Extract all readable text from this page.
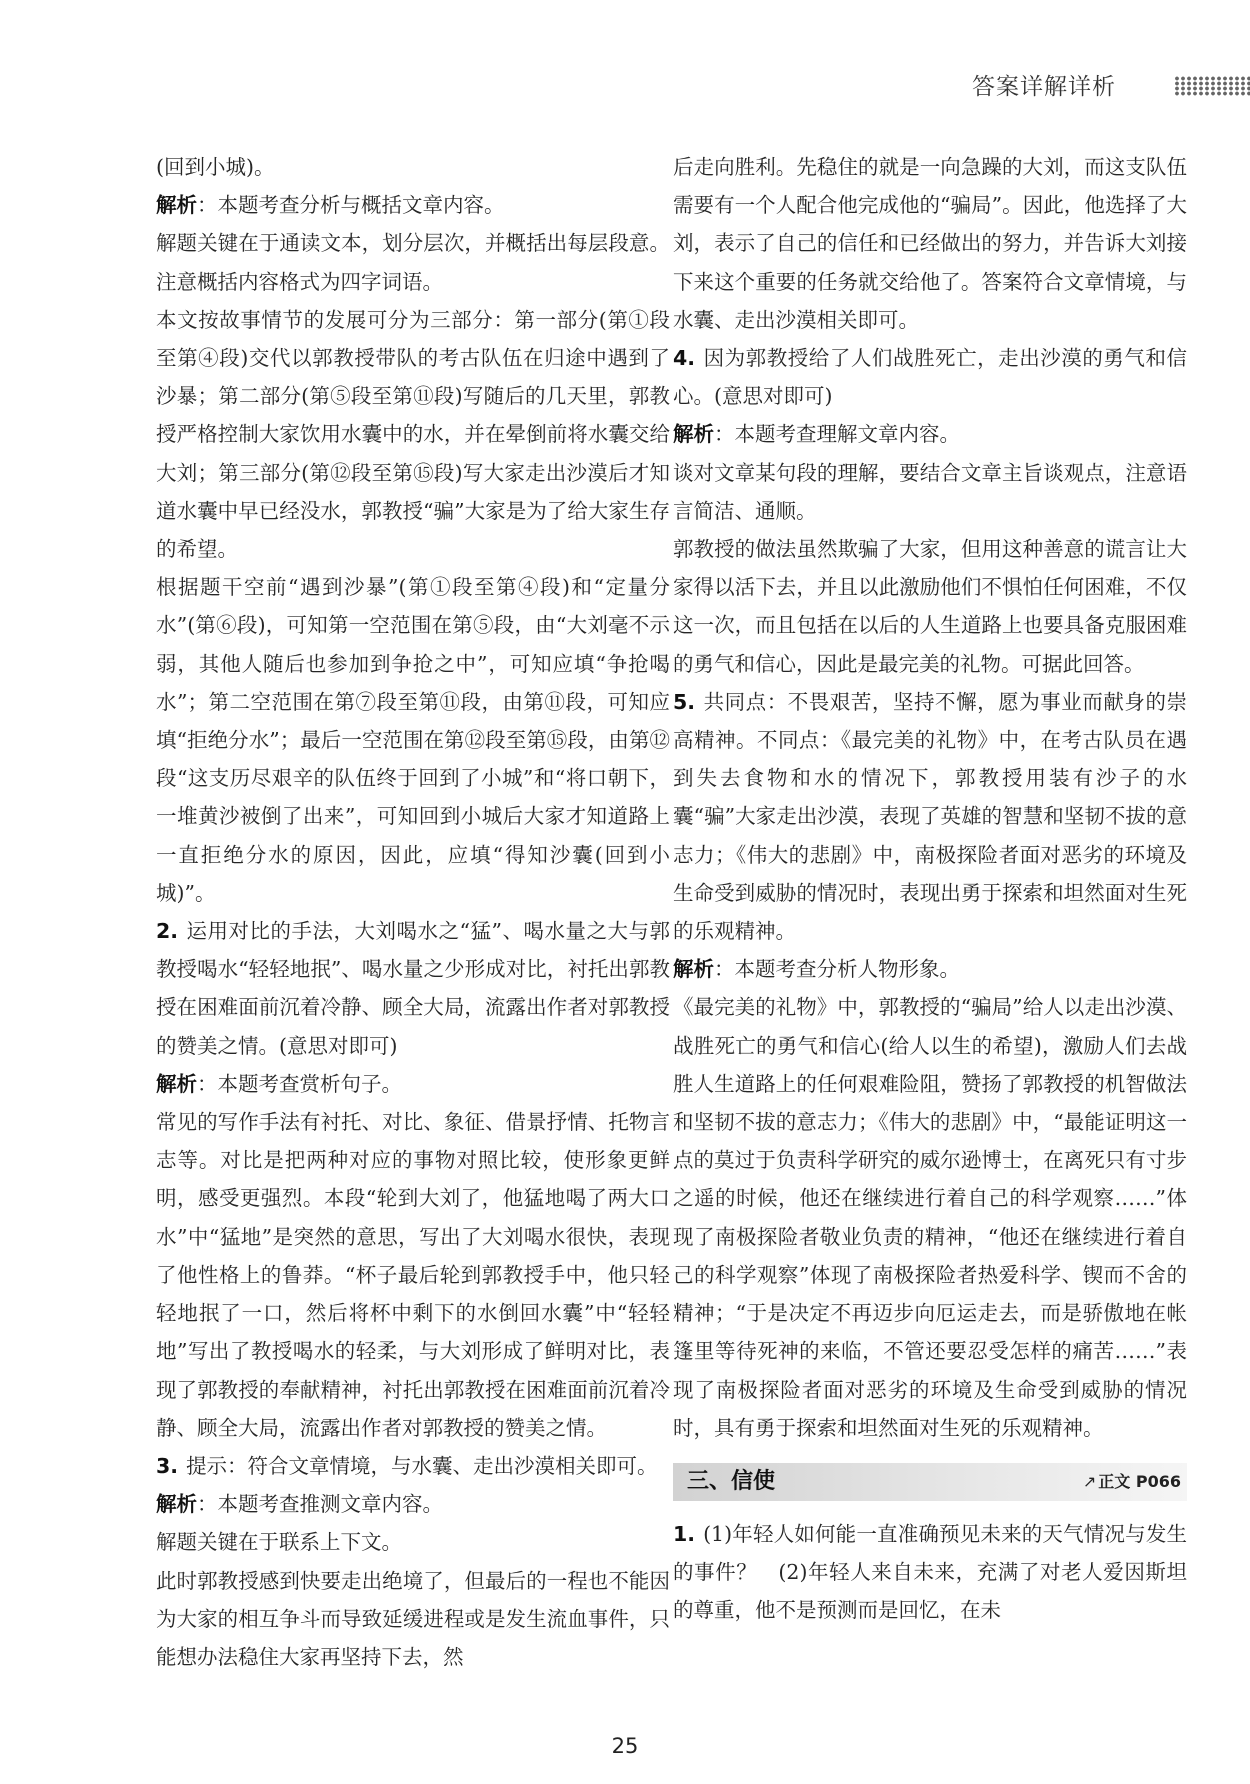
答案详解详析

(回到小城)。

解析：本题考查分析与概括文章内容。

解题关键在于通读文本，划分层次，并概括出每层段意。注意概括内容格式为四字词语。

本文按故事情节的发展可分为三部分：第一部分(第①段至第④段)交代以郭教授带队的考古队伍在归途中遇到了沙暴；第二部分(第⑤段至第⑪段)写随后的几天里，郭教授严格控制大家饮用水囊中的水，并在晕倒前将水囊交给大刘；第三部分(第⑫段至第⑮段)写大家走出沙漠后才知道水囊中早已经没水，郭教授“骗”大家是为了给大家生存的希望。

根据题干空前“遇到沙暴”(第①段至第④段)和“定量分水”(第⑥段)，可知第一空范围在第⑤段，由“大刘毫不示弱，其他人随后也参加到争抢之中”，可知应填“争抢喝水”；第二空范围在第⑦段至第⑪段，由第⑪段，可知应填“拒绝分水”；最后一空范围在第⑫段至第⑮段，由第⑫段“这支历尽艰辛的队伍终于回到了小城”和“将口朝下，一堆黄沙被倒了出来”，可知回到小城后大家才知道路上一直拒绝分水的原因，因此，应填“得知沙囊(回到小城)”。

2. 运用对比的手法，大刘喝水之“猛”、喝水量之大与郭教授喝水“轻轻地抿”、喝水量之少形成对比，衬托出郭教授在困难面前沉着冷静、顾全大局，流露出作者对郭教授的赞美之情。(意思对即可)

解析：本题考查赏析句子。

常见的写作手法有衬托、对比、象征、借景抒情、托物言志等。对比是把两种对应的事物对照比较，使形象更鲜明，感受更强烈。本段“轮到大刘了，他猛地喝了两大口水”中“猛地”是突然的意思，写出了大刘喝水很快，表现了他性格上的鲁莽。“杯子最后轮到郭教授手中，他只轻轻地抿了一口，然后将杯中剩下的水倒回水囊”中“轻轻地”写出了教授喝水的轻柔，与大刘形成了鲜明对比，表现了郭教授的奉献精神，衬托出郭教授在困难面前沉着冷静、顾全大局，流露出作者对郭教授的赞美之情。

3. 提示：符合文章情境，与水囊、走出沙漠相关即可。

解析：本题考查推测文章内容。

解题关键在于联系上下文。

此时郭教授感到快要走出绝境了，但最后的一程也不能因为大家的相互争斗而导致延缓进程或是发生流血事件，只能想办法稳住大家再坚持下去，然

后走向胜利。先稳住的就是一向急躁的大刘，而这支队伍需要有一个人配合他完成他的“骗局”。因此，他选择了大刘，表示了自己的信任和已经做出的努力，并告诉大刘接下来这个重要的任务就交给他了。答案符合文章情境，与水囊、走出沙漠相关即可。

4. 因为郭教授给了人们战胜死亡，走出沙漠的勇气和信心。(意思对即可)

解析：本题考查理解文章内容。

谈对文章某句段的理解，要结合文章主旨谈观点，注意语言简洁、通顺。

郭教授的做法虽然欺骗了大家，但用这种善意的谎言让大家得以活下去，并且以此激励他们不惧怕任何困难，不仅这一次，而且包括在以后的人生道路上也要具备克服困难的勇气和信心，因此是最完美的礼物。可据此回答。

5. 共同点：不畏艰苦，坚持不懈，愿为事业而献身的崇高精神。不同点：《最完美的礼物》中，在考古队员在遇到失去食物和水的情况下，郭教授用装有沙子的水囊“骗”大家走出沙漠，表现了英雄的智慧和坚韧不拔的意志力；《伟大的悲剧》中，南极探险者面对恶劣的环境及生命受到威胁的情况时，表现出勇于探索和坦然面对生死的乐观精神。

解析：本题考查分析人物形象。

《最完美的礼物》中，郭教授的“骗局”给人以走出沙漠、战胜死亡的勇气和信心(给人以生的希望)，激励人们去战胜人生道路上的任何艰难险阻，赞扬了郭教授的机智做法和坚韧不拔的意志力；《伟大的悲剧》中，“最能证明这一点的莫过于负责科学研究的威尔逊博士，在离死只有寸步之遥的时候，他还在继续进行着自己的科学观察……”体现了南极探险者敬业负责的精神，“他还在继续进行着自己的科学观察”体现了南极探险者热爱科学、锲而不舍的精神；“于是决定不再迈步向厄运走去，而是骄傲地在帐篷里等待死神的来临，不管还要忍受怎样的痛苦……”表现了南极探险者面对恶劣的环境及生命受到威胁的情况时，具有勇于探索和坦然面对生死的乐观精神。

三、信使	↗ 正文 P066

1. (1)年轻人如何能一直准确预见未来的天气情况与发生的事件？　(2)年轻人来自未来，充满了对老人爱因斯坦的尊重，他不是预测而是回忆，在未

25
